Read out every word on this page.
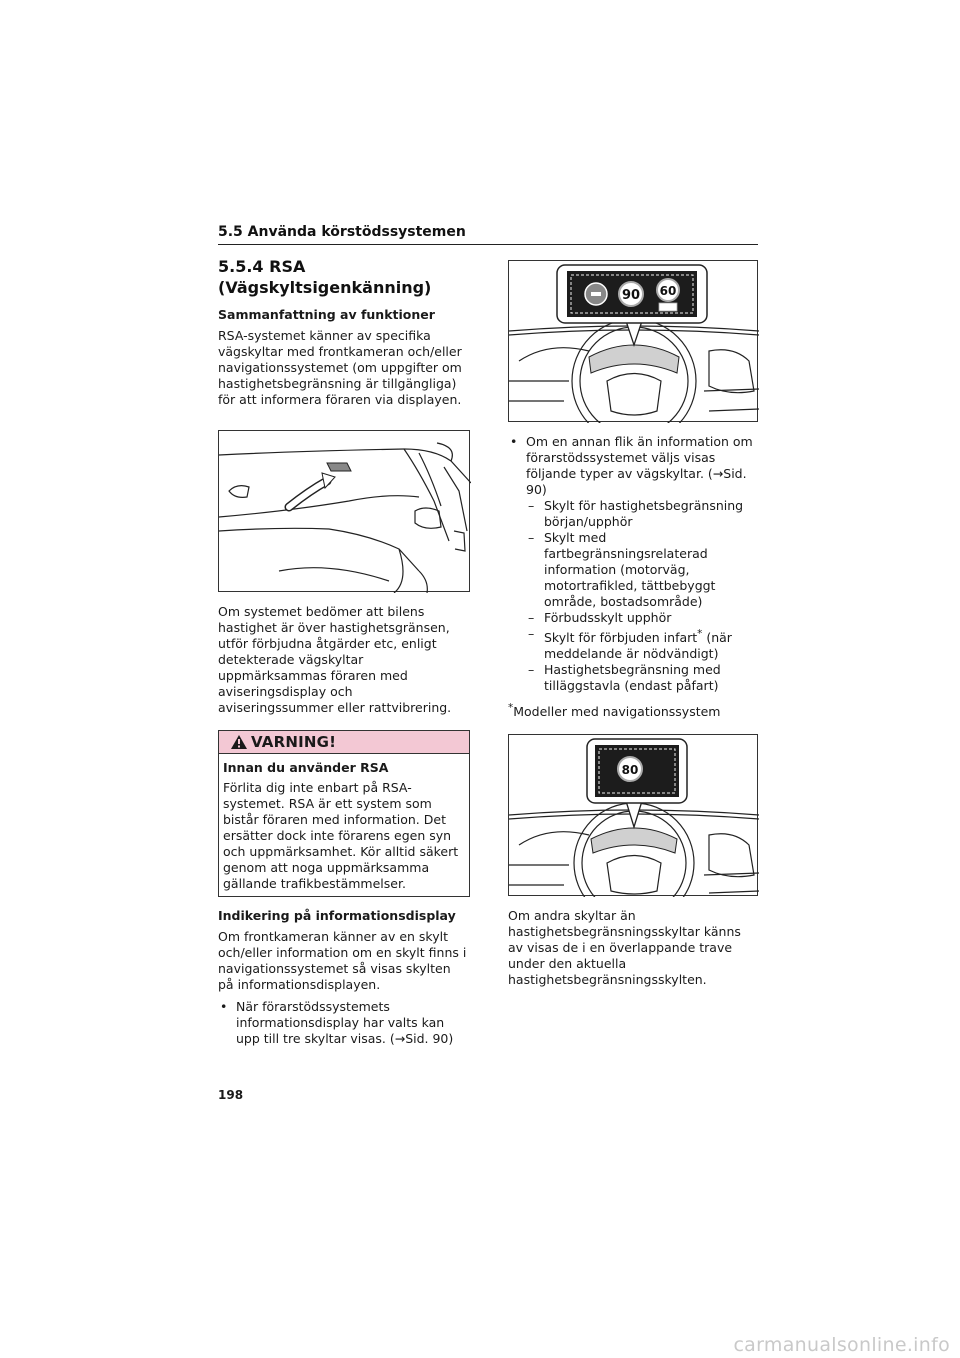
5.5 Använda körstödssystemen
5.5.4 RSA
(Vägskyltsigenkänning)
Sammanfattning av funktioner

RSA-systemet känner av specifika vägskyltar med frontkameran och/eller navigationssystemet (om uppgifter om hastighetsbegränsning är tillgängliga) för att informera föraren via displayen.

Om systemet bedömer att bilens hastighet är över hastighetsgränsen, utför förbjudna åtgärder etc, enligt detekterade vägskyltar uppmärksammas föraren med aviseringsdisplay och aviseringssummer eller rattvibrering.

VARNING!
Innan du använder RSA

Förlita dig inte enbart på RSA-systemet. RSA är ett system som bistår föraren med information. Det ersätter dock inte förarens egen syn och uppmärksamhet. Kör alltid säkert genom att noga uppmärksamma gällande trafikbestämmelser.

Indikering på informationsdisplay

Om frontkameran känner av en skylt och/eller information om en skylt finns i navigationssystemet så visas skylten på informationsdisplayen.

• När förarstödssystemets informationsdisplay har valts kan upp till tre skyltar visas. (→Sid. 90)
90 60
• Om en annan flik än information om förarstödssystemet väljs visas följande typer av vägskyltar. (→Sid. 90)
– Skylt för hastighetsbegränsning början/upphör
– Skylt med fartbegränsningsrelaterad information (motorväg, motortrafikled, tättbebyggt område, bostadsområde)
– Förbudsskylt upphör
– Skylt för förbjuden infart* (när meddelande är nödvändigt)
– Hastighetsbegränsning med tilläggstavla (endast påfart)
*Modeller med navigationssystem
80

Om andra skyltar än hastighetsbegränsningsskyltar känns av visas de i en överlappande trave under den aktuella hastighetsbegränsningsskylten.

198
carmanualsonline.info
